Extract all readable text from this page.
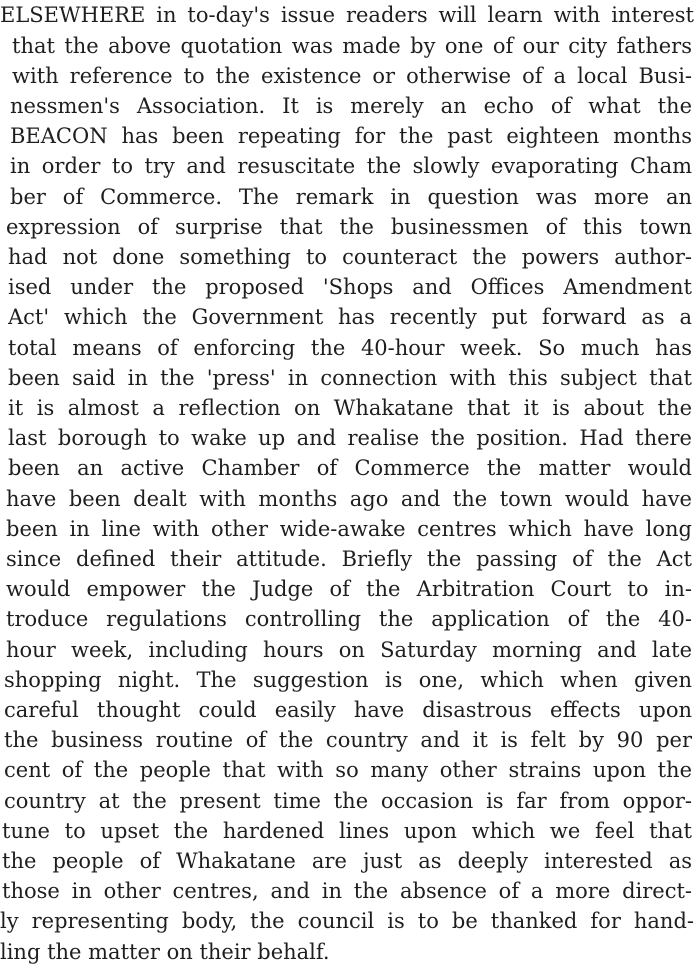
ELSEWHERE in to-day's issue readers will learn with interest
that the above quotation was made by one of our city fathers
with reference to the existence or otherwise of a local Busi-
nessmen's Association. It is merely an echo of what the
BEACON has been repeating for the past eighteen months
in order to try and resuscitate the slowly evaporating Cham
ber of Commerce. The remark in question was more an
expression of surprise that the businessmen of this town
had not done something to counteract the powers author-
ised under the proposed 'Shops and Offices Amendment
Act' which the Government has recently put forward as a
total means of enforcing the 40-hour week. So much has
been said in the 'press' in connection with this subject that
it is almost a reflection on Whakatane that it is about the
last borough to wake up and realise the position. Had there
been an active Chamber of Commerce the matter would
have been dealt with months ago and the town would have
been in line with other wide-awake centres which have long
since defined their attitude. Briefly the passing of the Act
would empower the Judge of the Arbitration Court to in-
troduce regulations controlling the application of the 40-
hour week, including hours on Saturday morning and late
shopping night. The suggestion is one, which when given
careful thought could easily have disastrous effects upon
the business routine of the country and it is felt by 90 per
cent of the people that with so many other strains upon the
country at the present time the occasion is far from oppor-
tune to upset the hardened lines upon which we feel that
the people of Whakatane are just as deeply interested as
those in other centres, and in the absence of a more direct-
ly representing body, the council is to be thanked for hand-
ling the matter on their behalf.
